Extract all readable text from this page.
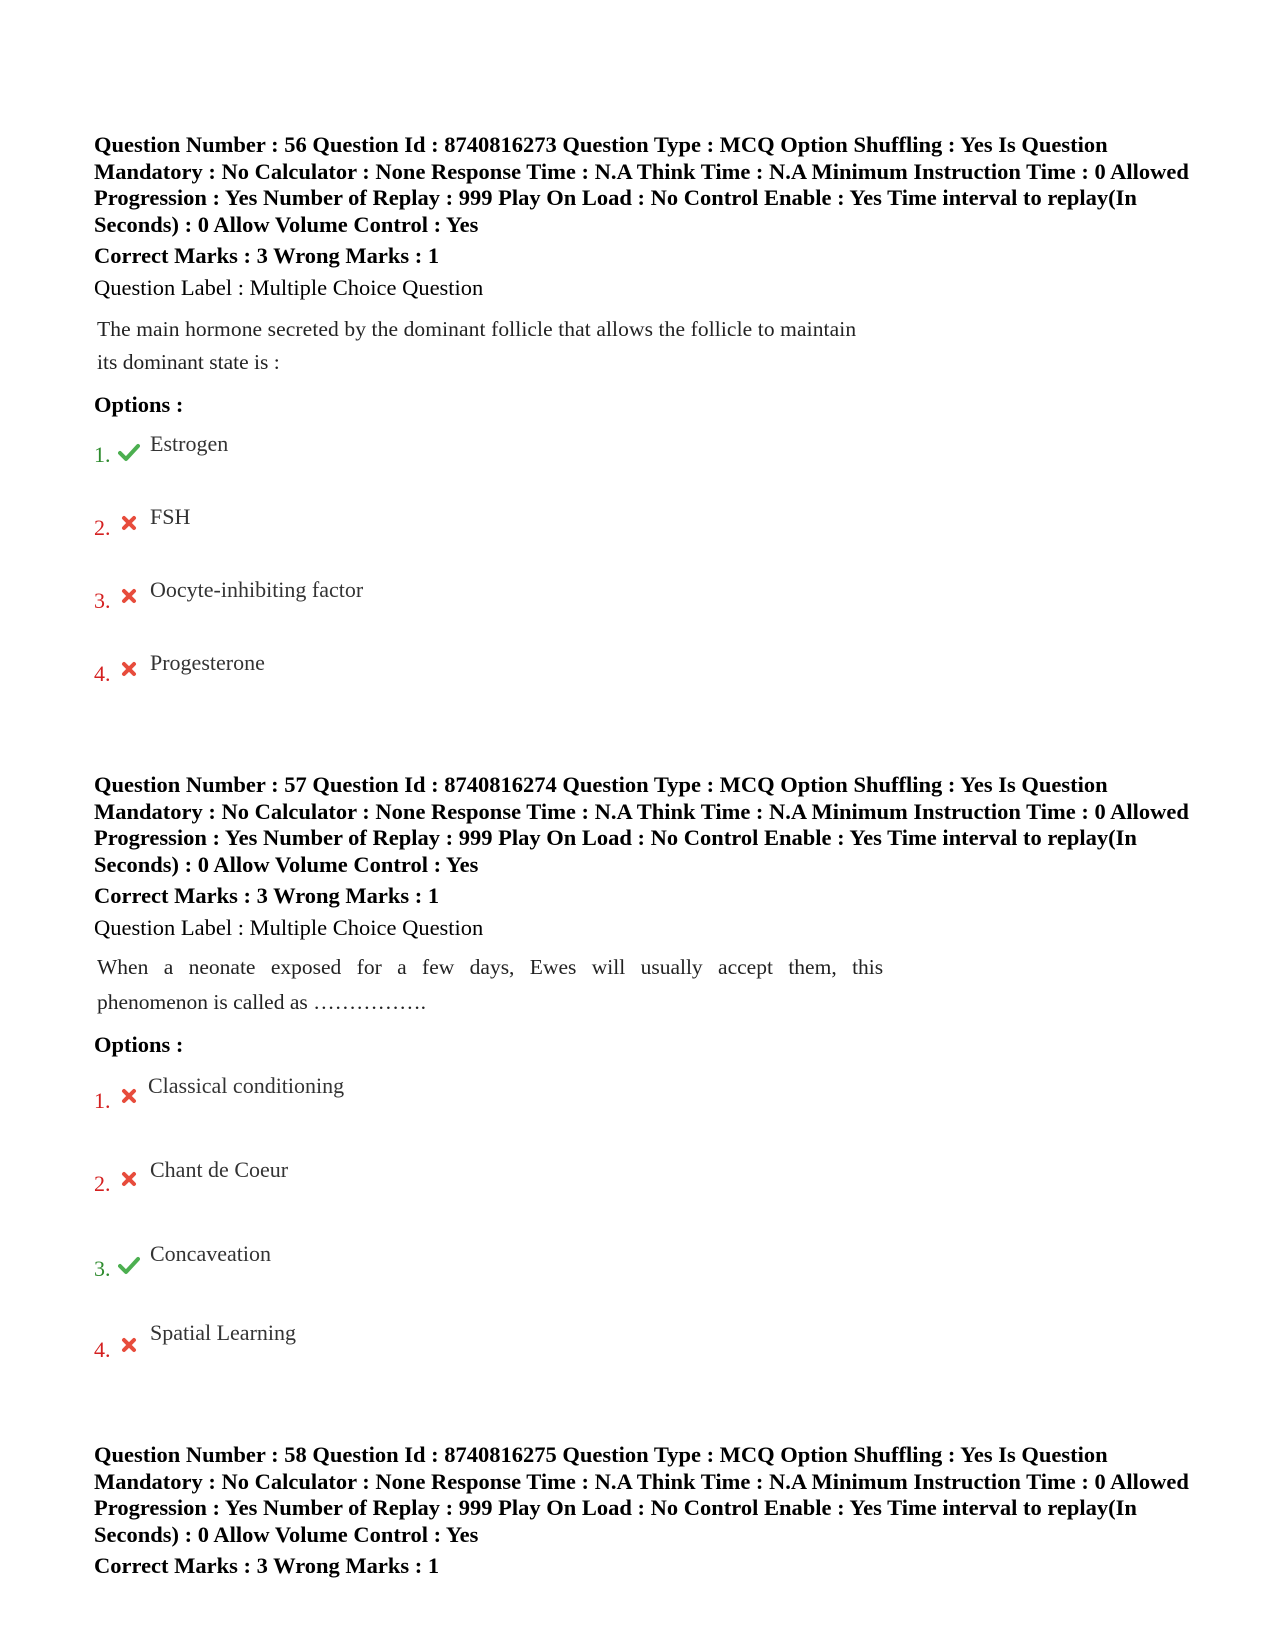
Question Number : 56 Question Id : 8740816273 Question Type : MCQ Option Shuffling : Yes Is Question Mandatory : No Calculator : None Response Time : N.A Think Time : N.A Minimum Instruction Time : 0 Allowed Progression : Yes Number of Replay : 999 Play On Load : No Control Enable : Yes Time interval to replay(In Seconds) : 0 Allow Volume Control : Yes

Correct Marks : 3 Wrong Marks : 1
Question Label : Multiple Choice Question
The main hormone secreted by the dominant follicle that allows the follicle to maintain
its dominant state is :
Options :
1. Estrogen
2. FSH
3. Oocyte-inhibiting factor
4. Progesterone

Question Number : 57 Question Id : 8740816274 Question Type : MCQ Option Shuffling : Yes Is Question Mandatory : No Calculator : None Response Time : N.A Think Time : N.A Minimum Instruction Time : 0 Allowed Progression : Yes Number of Replay : 999 Play On Load : No Control Enable : Yes Time interval to replay(In Seconds) : 0 Allow Volume Control : Yes

Correct Marks : 3 Wrong Marks : 1
Question Label : Multiple Choice Question
When a neonate exposed for a few days, Ewes will usually accept them, this
phenomenon is called as …………….
Options :
1.
Classical conditioning
2.
Chant de Coeur
3.
Concaveation
4.
Spatial Learning

Question Number : 58 Question Id : 8740816275 Question Type : MCQ Option Shuffling : Yes Is Question Mandatory : No Calculator : None Response Time : N.A Think Time : N.A Minimum Instruction Time : 0 Allowed Progression : Yes Number of Replay : 999 Play On Load : No Control Enable : Yes Time interval to replay(In Seconds) : 0 Allow Volume Control : Yes

Correct Marks : 3 Wrong Marks : 1
